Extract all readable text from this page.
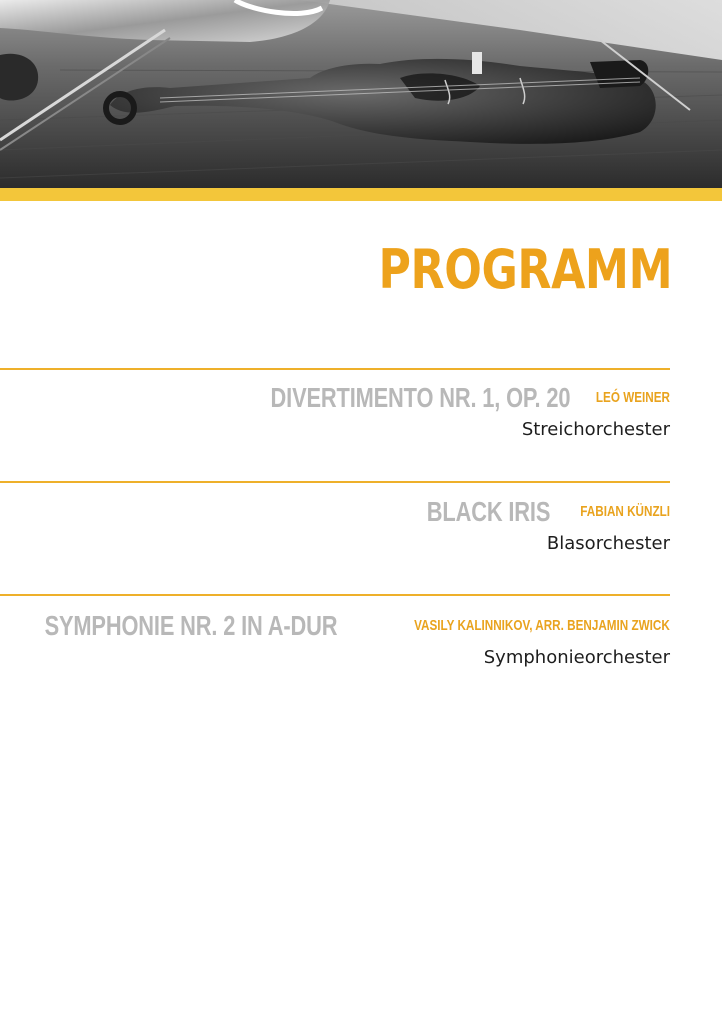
PROGRAMM
DIVERTIMENTO NR. 1, OP. 20 LEÓ WEINER
Streichorchester
BLACK IRIS FABIAN KÜNZLI
Blasorchester
SYMPHONIE NR. 2 IN A-DUR	VASILY KALINNIKOV, ARR. BENJAMIN ZWICK
Symphonieorchester
